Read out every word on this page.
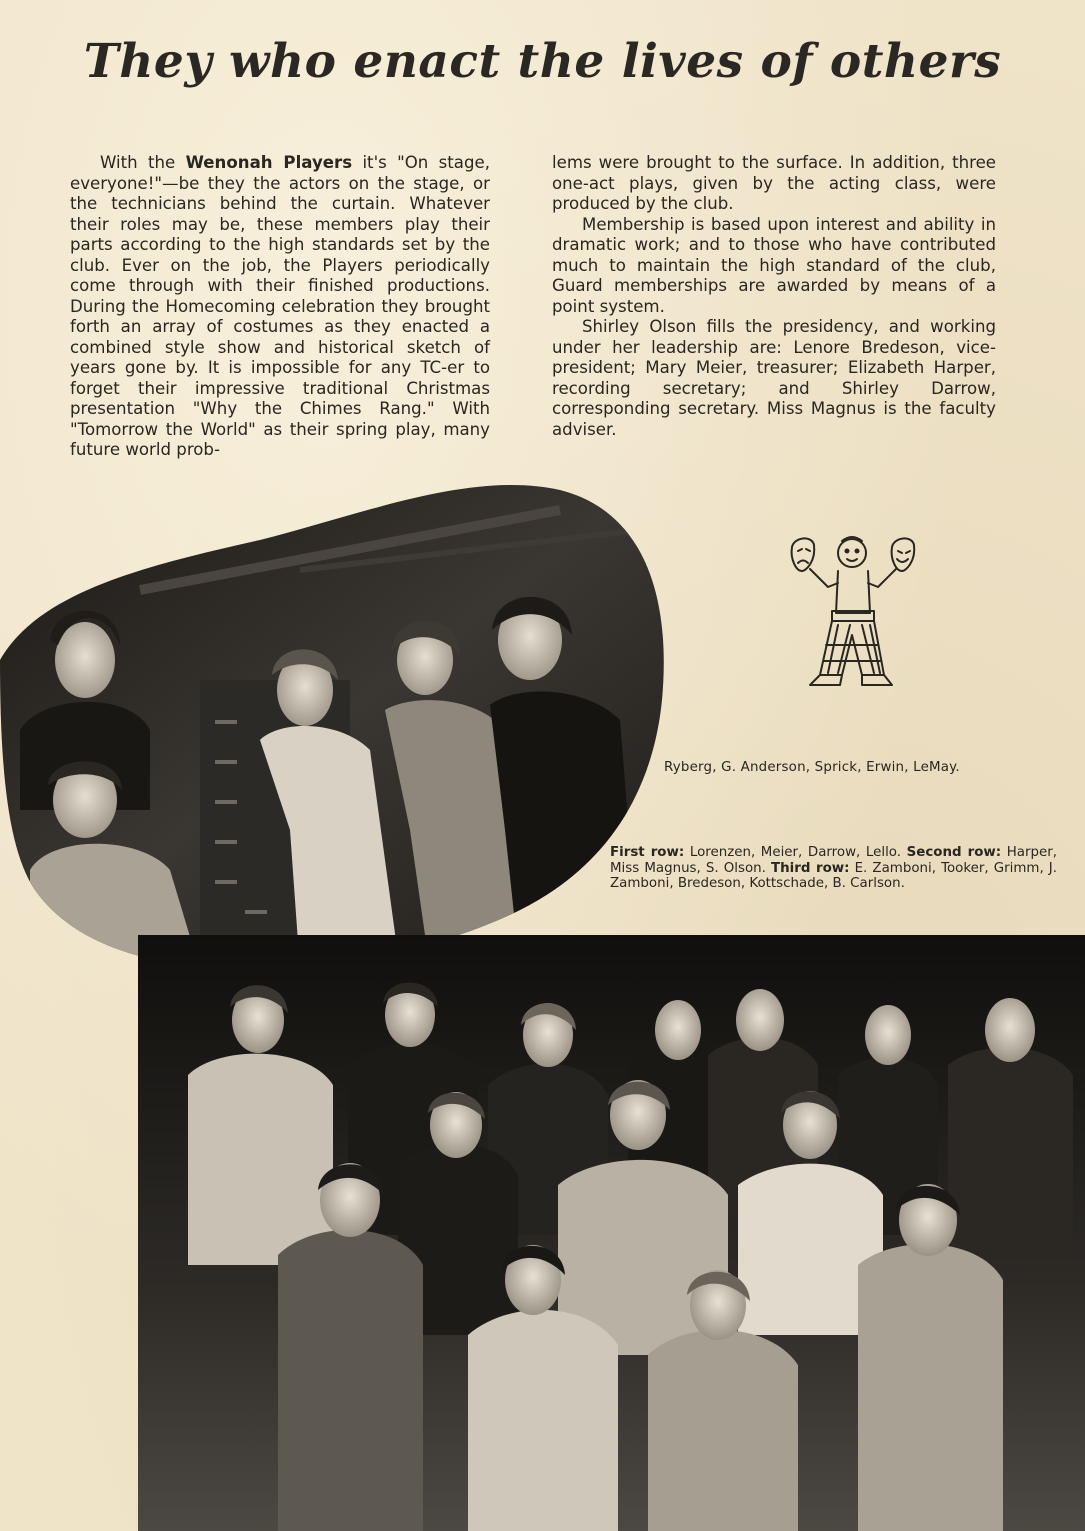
They who enact the lives of others

With the Wenonah Players it's "On stage, everyone!"—be they the actors on the stage, or the technicians behind the curtain. Whatever their roles may be, these members play their parts according to the high standards set by the club. Ever on the job, the Players periodically come through with their finished productions. During the Homecoming celebration they brought forth an array of costumes as they enacted a combined style show and historical sketch of years gone by. It is impossible for any TC-er to forget their impressive traditional Christmas presentation "Why the Chimes Rang." With "Tomorrow the World" as their spring play, many future world prob-

lems were brought to the surface. In addition, three one-act plays, given by the acting class, were produced by the club.

Membership is based upon interest and ability in dramatic work; and to those who have contributed much to maintain the high standard of the club, Guard memberships are awarded by means of a point system.

Shirley Olson fills the presidency, and working under her leadership are: Lenore Bredeson, vice-president; Mary Meier, treasurer; Elizabeth Harper, recording secretary; and Shirley Darrow, corresponding secretary. Miss Magnus is the faculty adviser.

Ryberg, G. Anderson, Sprick, Erwin, LeMay.
First row: Lorenzen, Meier, Darrow, Lello. Second row: Harper, Miss Magnus, S. Olson. Third row: E. Zamboni, Tooker, Grimm, J. Zamboni, Bredeson, Kottschade, B. Carlson.
